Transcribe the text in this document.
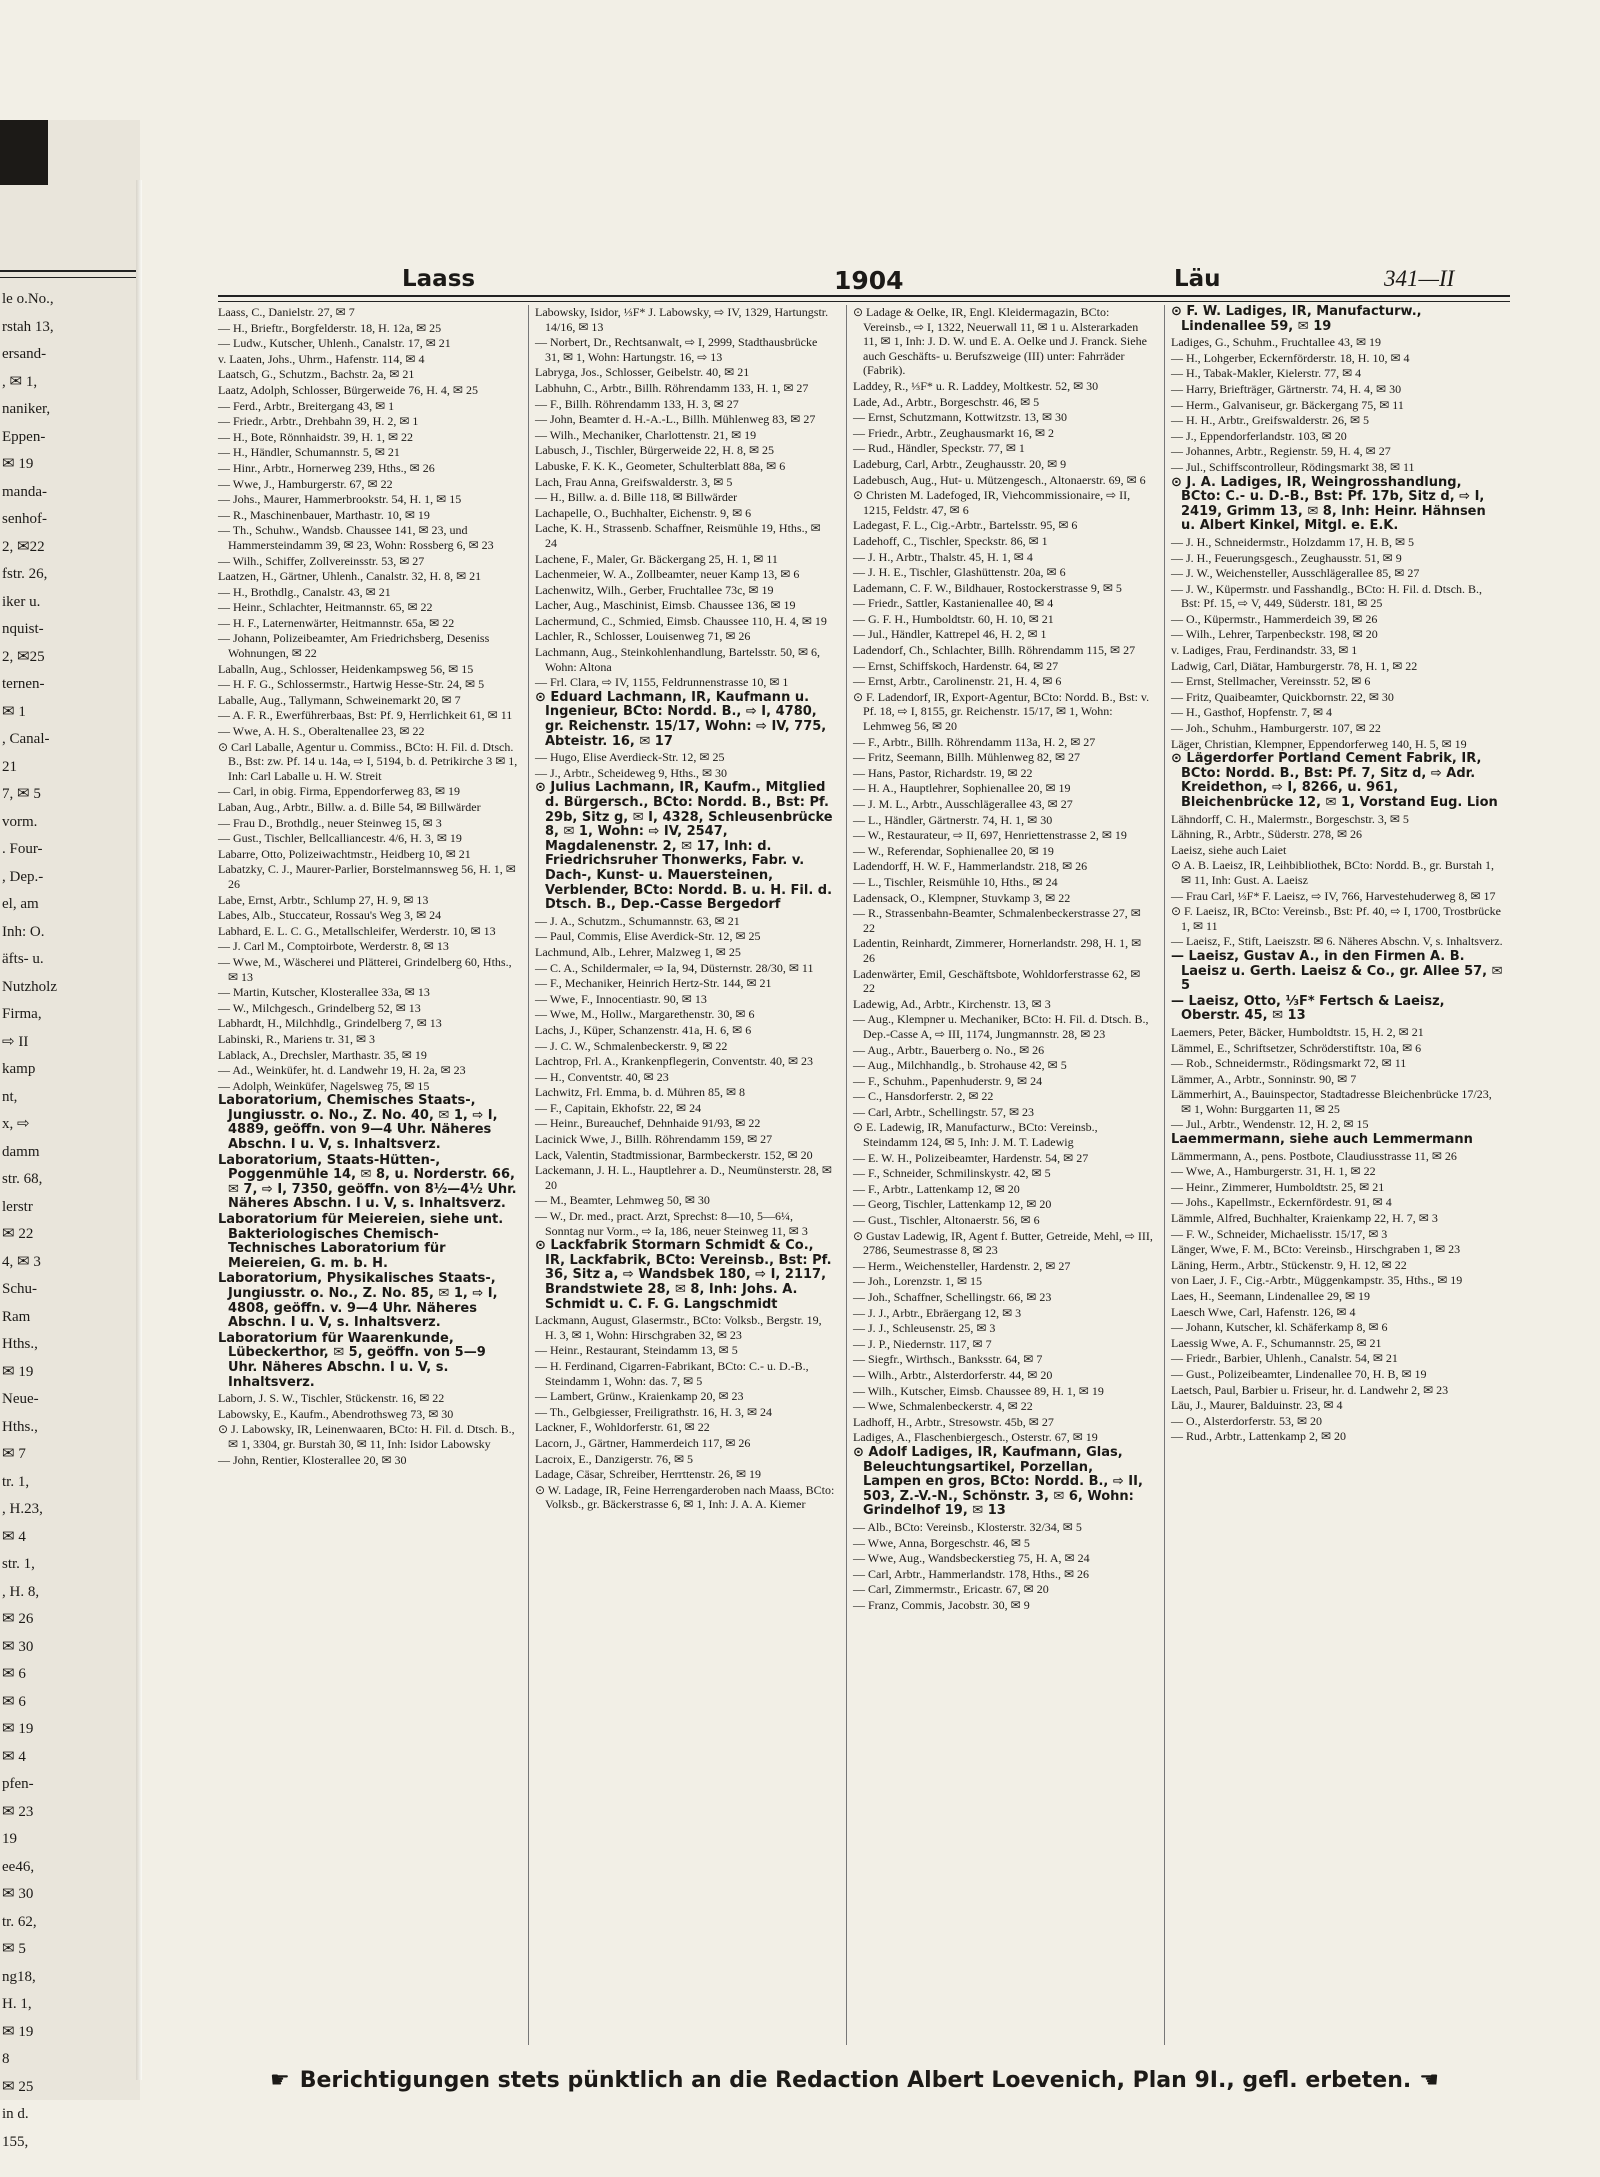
le o.No.,
rstah 13,
ersand-
, ✉ 1,
naniker,
Eppen-
✉ 19
manda-
senhof-
2, ✉22
fstr. 26,
iker u.
nquist-
2, ✉25
ternen-
✉ 1
, Canal-
21
7, ✉ 5
vorm.
. Four-
, Dep.-
el, am
Inh: O.
äfts- u.
Nutzholz
Firma,
⇨ II
kamp
nt,
x, ⇨
damm
str. 68,
lerstr
✉ 22
4, ✉ 3
Schu-
Ram
Hths.,
✉ 19
Neue-
Hths.,
✉ 7
tr. 1,
, H.23,
✉ 4
str. 1,
, H. 8,
✉ 26
✉ 30
✉ 6
✉ 6
✉ 19
✉ 4
pfen-
✉ 23
19
ee46,
✉ 30
tr. 62,
✉ 5
ng18,
H. 1,
✉ 19
8
✉ 25
in d.
155,
Laass	1904	Läu	341—II
Laass, C., Danielstr. 27, ✉ 7
— H., Brieftr., Borgfelderstr. 18, H. 12a, ✉ 25
— Ludw., Kutscher, Uhlenh., Canalstr. 17, ✉ 21
v. Laaten, Johs., Uhrm., Hafenstr. 114, ✉ 4
Laatsch, G., Schutzm., Bachstr. 2a, ✉ 21
Laatz, Adolph, Schlosser, Bürgerweide 76, H. 4, ✉ 25
— Ferd., Arbtr., Breitergang 43, ✉ 1
— Friedr., Arbtr., Drehbahn 39, H. 2, ✉ 1
— H., Bote, Rönnhaidstr. 39, H. 1, ✉ 22
— H., Händler, Schumannstr. 5, ✉ 21
— Hinr., Arbtr., Hornerweg 239, Hths., ✉ 26
— Wwe, J., Hamburgerstr. 67, ✉ 22
— Johs., Maurer, Hammerbrookstr. 54, H. 1, ✉ 15
— R., Maschinenbauer, Marthastr. 10, ✉ 19
— Th., Schuhw., Wandsb. Chaussee 141, ✉ 23, und Hammersteindamm 39, ✉ 23, Wohn: Rossberg 6, ✉ 23
— Wilh., Schiffer, Zollvereinsstr. 53, ✉ 27
Laatzen, H., Gärtner, Uhlenh., Canalstr. 32, H. 8, ✉ 21
— H., Brothdlg., Canalstr. 43, ✉ 21
— Heinr., Schlachter, Heitmannstr. 65, ✉ 22
— H. F., Laternenwärter, Heitmannstr. 65a, ✉ 22
— Johann, Polizeibeamter, Am Friedrichsberg, Deseniss Wohnungen, ✉ 22
Laballn, Aug., Schlosser, Heidenkampsweg 56, ✉ 15
— H. F. G., Schlossermstr., Hartwig Hesse-Str. 24, ✉ 5
Laballe, Aug., Tallymann, Schweinemarkt 20, ✉ 7
— A. F. R., Ewerführerbaas, Bst: Pf. 9, Herrlichkeit 61, ✉ 11
— Wwe, A. H. S., Oberaltenallee 23, ✉ 22
⊙ Carl Laballe, Agentur u. Commiss., BCto: H. Fil. d. Dtsch. B., Bst: zw. Pf. 14 u. 14a, ⇨ I, 5194, b. d. Petrikirche 3 ✉ 1, Inh: Carl Laballe u. H. W. Streit
— Carl, in obig. Firma, Eppendorferweg 83, ✉ 19
Laban, Aug., Arbtr., Billw. a. d. Bille 54, ✉ Billwärder
— Frau D., Brothdlg., neuer Steinweg 15, ✉ 3
— Gust., Tischler, Bellcalliancestr. 4/6, H. 3, ✉ 19
Labarre, Otto, Polizeiwachtmstr., Heidberg 10, ✉ 21
Labatzky, C. J., Maurer-Parlier, Borstelmannsweg 56, H. 1, ✉ 26
Labe, Ernst, Arbtr., Schlump 27, H. 9, ✉ 13
Labes, Alb., Stuccateur, Rossau's Weg 3, ✉ 24
Labhard, E. L. C. G., Metallschleifer, Werderstr. 10, ✉ 13
— J. Carl M., Comptoirbote, Werderstr. 8, ✉ 13
— Wwe, M., Wäscherei und Plätterei, Grindelberg 60, Hths., ✉ 13
— Martin, Kutscher, Klosterallee 33a, ✉ 13
— W., Milchgesch., Grindelberg 52, ✉ 13
Labhardt, H., Milchhdlg., Grindelberg 7, ✉ 13
Labinski, R., Mariens tr. 31, ✉ 3
Lablack, A., Drechsler, Marthastr. 35, ✉ 19
— Ad., Weinküfer, ht. d. Landwehr 19, H. 2a, ✉ 23
— Adolph, Weinküfer, Nagelsweg 75, ✉ 15
Laboratorium, Chemisches Staats-, Jungiusstr. o. No., Z. No. 40, ✉ 1, ⇨ I, 4889, geöffn. von 9—4 Uhr. Näheres Abschn. I u. V, s. Inhaltsverz.
Laboratorium, Staats-Hütten-, Poggenmühle 14, ✉ 8, u. Norderstr. 66, ✉ 7, ⇨ I, 7350, geöffn. von 8½—4½ Uhr. Näheres Abschn. I u. V, s. Inhaltsverz.
Laboratorium für Meiereien, siehe unt. Bakteriologisches Chemisch-Technisches Laboratorium für Meiereien, G. m. b. H.
Laboratorium, Physikalisches Staats-, Jungiusstr. o. No., Z. No. 85, ✉ 1, ⇨ I, 4808, geöffn. v. 9—4 Uhr. Näheres Abschn. I u. V, s. Inhaltsverz.
Laboratorium für Waarenkunde, Lübeckerthor, ✉ 5, geöffn. von 5—9 Uhr. Näheres Abschn. I u. V, s. Inhaltsverz.
Laborn, J. S. W., Tischler, Stückenstr. 16, ✉ 22
Labowsky, E., Kaufm., Abendrothsweg 73, ✉ 30
⊙ J. Labowsky, IR, Leinenwaaren, BCto: H. Fil. d. Dtsch. B., ✉ 1, 3304, gr. Burstah 30, ✉ 11, Inh: Isidor Labowsky
— John, Rentier, Klosterallee 20, ✉ 30
Labowsky, Isidor, ⅓F* J. Labowsky, ⇨ IV, 1329, Hartungstr. 14/16, ✉ 13
— Norbert, Dr., Rechtsanwalt, ⇨ I, 2999, Stadthausbrücke 31, ✉ 1, Wohn: Hartungstr. 16, ⇨ 13
Labryga, Jos., Schlosser, Geibelstr. 40, ✉ 21
Labhuhn, C., Arbtr., Billh. Röhrendamm 133, H. 1, ✉ 27
— F., Billh. Röhrendamm 133, H. 3, ✉ 27
— John, Beamter d. H.-A.-L., Billh. Mühlenweg 83, ✉ 27
— Wilh., Mechaniker, Charlottenstr. 21, ✉ 19
Labusch, J., Tischler, Bürgerweide 22, H. 8, ✉ 25
Labuske, F. K. K., Geometer, Schulterblatt 88a, ✉ 6
Lach, Frau Anna, Greifswalderstr. 3, ✉ 5
— H., Billw. a. d. Bille 118, ✉ Billwärder
Lachapelle, O., Buchhalter, Eichenstr. 9, ✉ 6
Lache, K. H., Strassenb. Schaffner, Reismühle 19, Hths., ✉ 24
Lachene, F., Maler, Gr. Bäckergang 25, H. 1, ✉ 11
Lachenmeier, W. A., Zollbeamter, neuer Kamp 13, ✉ 6
Lachenwitz, Wilh., Gerber, Fruchtallee 73c, ✉ 19
Lacher, Aug., Maschinist, Eimsb. Chaussee 136, ✉ 19
Lachermund, C., Schmied, Eimsb. Chaussee 110, H. 4, ✉ 19
Lachler, R., Schlosser, Louisenweg 71, ✉ 26
Lachmann, Aug., Steinkohlenhandlung, Bartelsstr. 50, ✉ 6, Wohn: Altona
— Frl. Clara, ⇨ IV, 1155, Feldrunnenstrasse 10, ✉ 1
⊙ Eduard Lachmann, IR, Kaufmann u. Ingenieur, BCto: Nordd. B., ⇨ I, 4780, gr. Reichenstr. 15/17, Wohn: ⇨ IV, 775, Abteistr. 16, ✉ 17
— Hugo, Elise Averdieck-Str. 12, ✉ 25
— J., Arbtr., Scheideweg 9, Hths., ✉ 30
⊙ Julius Lachmann, IR, Kaufm., Mitglied d. Bürgersch., BCto: Nordd. B., Bst: Pf. 29b, Sitz g, ✉ I, 4328, Schleusenbrücke 8, ✉ 1, Wohn: ⇨ IV, 2547, Magdalenenstr. 2, ✉ 17, Inh: d. Friedrichsruher Thonwerks, Fabr. v. Dach-, Kunst- u. Mauersteinen, Verblender, BCto: Nordd. B. u. H. Fil. d. Dtsch. B., Dep.-Casse Bergedorf
— J. A., Schutzm., Schumannstr. 63, ✉ 21
— Paul, Commis, Elise Averdick-Str. 12, ✉ 25
Lachmund, Alb., Lehrer, Malzweg 1, ✉ 25
— C. A., Schildermaler, ⇨ Ia, 94, Düsternstr. 28/30, ✉ 11
— F., Mechaniker, Heinrich Hertz-Str. 144, ✉ 21
— Wwe, F., Innocentiastr. 90, ✉ 13
— Wwe, M., Hollw., Margarethenstr. 30, ✉ 6
Lachs, J., Küper, Schanzenstr. 41a, H. 6, ✉ 6
— J. C. W., Schmalenbeckerstr. 9, ✉ 22
Lachtrop, Frl. A., Krankenpflegerin, Conventstr. 40, ✉ 23
— H., Conventstr. 40, ✉ 23
Lachwitz, Frl. Emma, b. d. Mühren 85, ✉ 8
— F., Capitain, Ekhofstr. 22, ✉ 24
— Heinr., Bureauchef, Dehnhaide 91/93, ✉ 22
Lacinick Wwe, J., Billh. Röhrendamm 159, ✉ 27
Lack, Valentin, Stadtmissionar, Barmbeckerstr. 152, ✉ 20
Lackemann, J. H. L., Hauptlehrer a. D., Neumünsterstr. 28, ✉ 20
— M., Beamter, Lehmweg 50, ✉ 30
— W., Dr. med., pract. Arzt, Sprechst: 8—10, 5—6¼, Sonntag nur Vorm., ⇨ Ia, 186, neuer Steinweg 11, ✉ 3
⊙ Lackfabrik Stormarn Schmidt & Co., IR, Lackfabrik, BCto: Vereinsb., Bst: Pf. 36, Sitz a, ⇨ Wandsbek 180, ⇨ I, 2117, Brandstwiete 28, ✉ 8, Inh: Johs. A. Schmidt u. C. F. G. Langschmidt
Lackmann, August, Glasermstr., BCto: Volksb., Bergstr. 19, H. 3, ✉ 1, Wohn: Hirschgraben 32, ✉ 23
— Heinr., Restaurant, Steindamm 13, ✉ 5
— H. Ferdinand, Cigarren-Fabrikant, BCto: C.- u. D.-B., Steindamm 1, Wohn: das. 7, ✉ 5
— Lambert, Grünw., Kraienkamp 20, ✉ 23
— Th., Gelbgiesser, Freiligrathstr. 16, H. 3, ✉ 24
Lackner, F., Wohldorferstr. 61, ✉ 22
Lacorn, J., Gärtner, Hammerdeich 117, ✉ 26
Lacroix, E., Danzigerstr. 76, ✉ 5
Ladage, Cäsar, Schreiber, Herrttenstr. 26, ✉ 19
⊙ W. Ladage, IR, Feine Herrengarderoben nach Maass, BCto: Volksb., gr. Bäckerstrasse 6, ✉ 1, Inh: J. A. A. Kiemer
⊙ Ladage & Oelke, IR, Engl. Kleidermagazin, BCto: Vereinsb., ⇨ I, 1322, Neuerwall 11, ✉ 1 u. Alsterarkaden 11, ✉ 1, Inh: J. D. W. und E. A. Oelke und J. Franck. Siehe auch Geschäfts- u. Berufszweige (III) unter: Fahrräder (Fabrik).
Laddey, R., ⅓F* u. R. Laddey, Moltkestr. 52, ✉ 30
Lade, Ad., Arbtr., Borgeschstr. 46, ✉ 5
— Ernst, Schutzmann, Kottwitzstr. 13, ✉ 30
— Friedr., Arbtr., Zeughausmarkt 16, ✉ 2
— Rud., Händler, Speckstr. 77, ✉ 1
Ladeburg, Carl, Arbtr., Zeughausstr. 20, ✉ 9
Ladebusch, Aug., Hut- u. Mützengesch., Altonaerstr. 69, ✉ 6
⊙ Christen M. Ladefoged, IR, Viehcommissionaire, ⇨ II, 1215, Feldstr. 47, ✉ 6
Ladegast, F. L., Cig.-Arbtr., Bartelsstr. 95, ✉ 6
Ladehoff, C., Tischler, Speckstr. 86, ✉ 1
— J. H., Arbtr., Thalstr. 45, H. 1, ✉ 4
— J. H. E., Tischler, Glashüttenstr. 20a, ✉ 6
Lademann, C. F. W., Bildhauer, Rostockerstrasse 9, ✉ 5
— Friedr., Sattler, Kastanienallee 40, ✉ 4
— G. F. H., Humboldtstr. 60, H. 10, ✉ 21
— Jul., Händler, Kattrepel 46, H. 2, ✉ 1
Ladendorf, Ch., Schlachter, Billh. Röhrendamm 115, ✉ 27
— Ernst, Schiffskoch, Hardenstr. 64, ✉ 27
— Ernst, Arbtr., Carolinenstr. 21, H. 4, ✉ 6
⊙ F. Ladendorf, IR, Export-Agentur, BCto: Nordd. B., Bst: v. Pf. 18, ⇨ I, 8155, gr. Reichenstr. 15/17, ✉ 1, Wohn: Lehmweg 56, ✉ 20
— F., Arbtr., Billh. Röhrendamm 113a, H. 2, ✉ 27
— Fritz, Seemann, Billh. Mühlenweg 82, ✉ 27
— Hans, Pastor, Richardstr. 19, ✉ 22
— H. A., Hauptlehrer, Sophienallee 20, ✉ 19
— J. M. L., Arbtr., Ausschlägerallee 43, ✉ 27
— L., Händler, Gärtnerstr. 74, H. 1, ✉ 30
— W., Restaurateur, ⇨ II, 697, Henriettenstrasse 2, ✉ 19
— W., Referendar, Sophienallee 20, ✉ 19
Ladendorff, H. W. F., Hammerlandstr. 218, ✉ 26
— L., Tischler, Reismühle 10, Hths., ✉ 24
Ladensack, O., Klempner, Stuvkamp 3, ✉ 22
— R., Strassenbahn-Beamter, Schmalenbeckerstrasse 27, ✉ 22
Ladentin, Reinhardt, Zimmerer, Hornerlandstr. 298, H. 1, ✉ 26
Ladenwärter, Emil, Geschäftsbote, Wohldorferstrasse 62, ✉ 22
Ladewig, Ad., Arbtr., Kirchenstr. 13, ✉ 3
— Aug., Klempner u. Mechaniker, BCto: H. Fil. d. Dtsch. B., Dep.-Casse A, ⇨ III, 1174, Jungmannstr. 28, ✉ 23
— Aug., Arbtr., Bauerberg o. No., ✉ 26
— Aug., Milchhandlg., b. Strohause 42, ✉ 5
— F., Schuhm., Papenhuderstr. 9, ✉ 24
— C., Hansdorferstr. 2, ✉ 22
— Carl, Arbtr., Schellingstr. 57, ✉ 23
⊙ E. Ladewig, IR, Manufacturw., BCto: Vereinsb., Steindamm 124, ✉ 5, Inh: J. M. T. Ladewig
— E. W. H., Polizeibeamter, Hardenstr. 54, ✉ 27
— F., Schneider, Schmilinskystr. 42, ✉ 5
— F., Arbtr., Lattenkamp 12, ✉ 20
— Georg, Tischler, Lattenkamp 12, ✉ 20
— Gust., Tischler, Altonaerstr. 56, ✉ 6
⊙ Gustav Ladewig, IR, Agent f. Butter, Getreide, Mehl, ⇨ III, 2786, Seumestrasse 8, ✉ 23
— Herm., Weichensteller, Hardenstr. 2, ✉ 27
— Joh., Lorenzstr. 1, ✉ 15
— Joh., Schaffner, Schellingstr. 66, ✉ 23
— J. J., Arbtr., Ebräergang 12, ✉ 3
— J. J., Schleusenstr. 25, ✉ 3
— J. P., Niedernstr. 117, ✉ 7
— Siegfr., Wirthsch., Banksstr. 64, ✉ 7
— Wilh., Arbtr., Alsterdorferstr. 44, ✉ 20
— Wilh., Kutscher, Eimsb. Chaussee 89, H. 1, ✉ 19
— Wwe, Schmalenbeckerstr. 4, ✉ 22
Ladhoff, H., Arbtr., Stresowstr. 45b, ✉ 27
Ladiges, A., Flaschenbiergesch., Osterstr. 67, ✉ 19
⊙ Adolf Ladiges, IR, Kaufmann, Glas, Beleuchtungsartikel, Porzellan, Lampen en gros, BCto: Nordd. B., ⇨ II, 503, Z.-V.-N., Schönstr. 3, ✉ 6, Wohn: Grindelhof 19, ✉ 13
— Alb., BCto: Vereinsb., Klosterstr. 32/34, ✉ 5
— Wwe, Anna, Borgeschstr. 46, ✉ 5
— Wwe, Aug., Wandsbeckerstieg 75, H. A, ✉ 24
— Carl, Arbtr., Hammerlandstr. 178, Hths., ✉ 26
— Carl, Zimmermstr., Ericastr. 67, ✉ 20
— Franz, Commis, Jacobstr. 30, ✉ 9
⊙ F. W. Ladiges, IR, Manufacturw., Lindenallee 59, ✉ 19
Ladiges, G., Schuhm., Fruchtallee 43, ✉ 19
— H., Lohgerber, Eckernförderstr. 18, H. 10, ✉ 4
— H., Tabak-Makler, Kielerstr. 77, ✉ 4
— Harry, Briefträger, Gärtnerstr. 74, H. 4, ✉ 30
— Herm., Galvaniseur, gr. Bäckergang 75, ✉ 11
— H. H., Arbtr., Greifswalderstr. 26, ✉ 5
— J., Eppendorferlandstr. 103, ✉ 20
— Johannes, Arbtr., Regienstr. 59, H. 4, ✉ 27
— Jul., Schiffscontrolleur, Rödingsmarkt 38, ✉ 11
⊙ J. A. Ladiges, IR, Weingrosshandlung, BCto: C.- u. D.-B., Bst: Pf. 17b, Sitz d, ⇨ I, 2419, Grimm 13, ✉ 8, Inh: Heinr. Hähnsen u. Albert Kinkel, Mitgl. e. E.K.
— J. H., Schneidermstr., Holzdamm 17, H. B, ✉ 5
— J. H., Feuerungsgesch., Zeughausstr. 51, ✉ 9
— J. W., Weichensteller, Ausschlägerallee 85, ✉ 27
— J. W., Küpermstr. und Fasshandlg., BCto: H. Fil. d. Dtsch. B., Bst: Pf. 15, ⇨ V, 449, Süderstr. 181, ✉ 25
— O., Küpermstr., Hammerdeich 39, ✉ 26
— Wilh., Lehrer, Tarpenbeckstr. 198, ✉ 20
v. Ladiges, Frau, Ferdinandstr. 33, ✉ 1
Ladwig, Carl, Diätar, Hamburgerstr. 78, H. 1, ✉ 22
— Ernst, Stellmacher, Vereinsstr. 52, ✉ 6
— Fritz, Quaibeamter, Quickbornstr. 22, ✉ 30
— H., Gasthof, Hopfenstr. 7, ✉ 4
— Joh., Schuhm., Hamburgerstr. 107, ✉ 22
Läger, Christian, Klempner, Eppendorferweg 140, H. 5, ✉ 19
⊙ Lägerdorfer Portland Cement Fabrik, IR, BCto: Nordd. B., Bst: Pf. 7, Sitz d, ⇨ Adr. Kreidethon, ⇨ I, 8266, u. 961, Bleichenbrücke 12, ✉ 1, Vorstand Eug. Lion
Lähndorff, C. H., Malermstr., Borgeschstr. 3, ✉ 5
Lähning, R., Arbtr., Süderstr. 278, ✉ 26
Laeisz, siehe auch Laiet
⊙ A. B. Laeisz, IR, Leihbibliothek, BCto: Nordd. B., gr. Burstah 1, ✉ 11, Inh: Gust. A. Laeisz
— Frau Carl, ⅓F* F. Laeisz, ⇨ IV, 766, Harvestehuderweg 8, ✉ 17
⊙ F. Laeisz, IR, BCto: Vereinsb., Bst: Pf. 40, ⇨ I, 1700, Trostbrücke 1, ✉ 11
— Laeisz, F., Stift, Laeiszstr. ✉ 6. Näheres Abschn. V, s. Inhaltsverz.
— Laeisz, Gustav A., in den Firmen A. B. Laeisz u. Gerth. Laeisz & Co., gr. Allee 57, ✉ 5
— Laeisz, Otto, ⅓F* Fertsch & Laeisz, Oberstr. 45, ✉ 13
Laemers, Peter, Bäcker, Humboldtstr. 15, H. 2, ✉ 21
Lämmel, E., Schriftsetzer, Schröderstiftstr. 10a, ✉ 6
— Rob., Schneidermstr., Rödingsmarkt 72, ✉ 11
Lämmer, A., Arbtr., Sonninstr. 90, ✉ 7
Lämmerhirt, A., Bauinspector, Stadtadresse Bleichenbrücke 17/23, ✉ 1, Wohn: Burggarten 11, ✉ 25
— Jul., Arbtr., Wendenstr. 12, H. 2, ✉ 15
Laemmermann, siehe auch Lemmermann
Lämmermann, A., pens. Postbote, Claudiusstrasse 11, ✉ 26
— Wwe, A., Hamburgerstr. 31, H. 1, ✉ 22
— Heinr., Zimmerer, Humboldtstr. 25, ✉ 21
— Johs., Kapellmstr., Eckernfördestr. 91, ✉ 4
Lämmle, Alfred, Buchhalter, Kraienkamp 22, H. 7, ✉ 3
— F. W., Schneider, Michaelisstr. 15/17, ✉ 3
Länger, Wwe, F. M., BCto: Vereinsb., Hirschgraben 1, ✉ 23
Läning, Herm., Arbtr., Stückenstr. 9, H. 12, ✉ 22
von Laer, J. F., Cig.-Arbtr., Müggenkampstr. 35, Hths., ✉ 19
Laes, H., Seemann, Lindenallee 29, ✉ 19
Laesch Wwe, Carl, Hafenstr. 126, ✉ 4
— Johann, Kutscher, kl. Schäferkamp 8, ✉ 6
Laessig Wwe, A. F., Schumannstr. 25, ✉ 21
— Friedr., Barbier, Uhlenh., Canalstr. 54, ✉ 21
— Gust., Polizeibeamter, Lindenallee 70, H. B, ✉ 19
Laetsch, Paul, Barbier u. Friseur, hr. d. Landwehr 2, ✉ 23
Läu, J., Maurer, Balduinstr. 23, ✉ 4
— O., Alsterdorferstr. 53, ✉ 20
— Rud., Arbtr., Lattenkamp 2, ✉ 20
☛ Berichtigungen stets pünktlich an die Redaction Albert Loevenich, Plan 9I., gefl. erbeten. ☚
